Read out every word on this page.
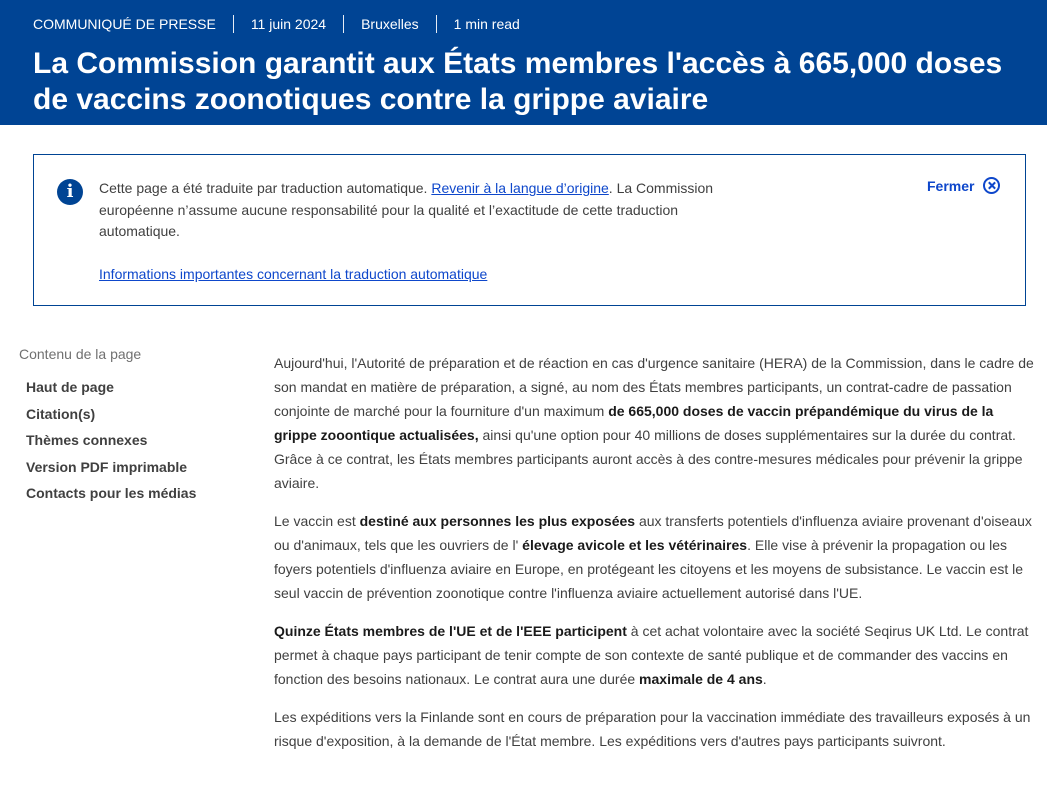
COMMUNIQUÉ DE PRESSE	11 juin 2024	Bruxelles	1 min read
La Commission garantit aux États membres l'accès à 665,000 doses de vaccins zoonotiques contre la grippe aviaire
i	Cette page a été traduite par traduction automatique. Revenir à la langue d’origine. La Commission européenne n’assume aucune responsabilité pour la qualité et l’exactitude de cette traduction automatique.

Informations importantes concernant la traduction automatique
Fermer
Contenu de la page
Haut de page
Citation(s)
Thèmes connexes
Version PDF imprimable
Contacts pour les médias

Aujourd'hui, l'Autorité de préparation et de réaction en cas d'urgence sanitaire (HERA) de la Commission, dans le cadre de son mandat en matière de préparation, a signé, au nom des États membres participants, un contrat-cadre de passation conjointe de marché pour la fourniture d'un maximum de 665,000 doses de vaccin prépandémique du virus de la grippe zooontique actualisées, ainsi qu'une option pour 40 millions de doses supplémentaires sur la durée du contrat. Grâce à ce contrat, les États membres participants auront accès à des contre-mesures médicales pour prévenir la grippe aviaire.

Le vaccin est destiné aux personnes les plus exposées aux transferts potentiels d'influenza aviaire provenant d'oiseaux ou d'animaux, tels que les ouvriers de l' élevage avicole et les vétérinaires. Elle vise à prévenir la propagation ou les foyers potentiels d'influenza aviaire en Europe, en protégeant les citoyens et les moyens de subsistance. Le vaccin est le seul vaccin de prévention zoonotique contre l'influenza aviaire actuellement autorisé dans l'UE.

Quinze États membres de l'UE et de l'EEE participent à cet achat volontaire avec la société Seqirus UK Ltd. Le contrat permet à chaque pays participant de tenir compte de son contexte de santé publique et de commander des vaccins en fonction des besoins nationaux. Le contrat aura une durée maximale de 4 ans.

Les expéditions vers la Finlande sont en cours de préparation pour la vaccination immédiate des travailleurs exposés à un risque d'exposition, à la demande de l'État membre. Les expéditions vers d'autres pays participants suivront.
